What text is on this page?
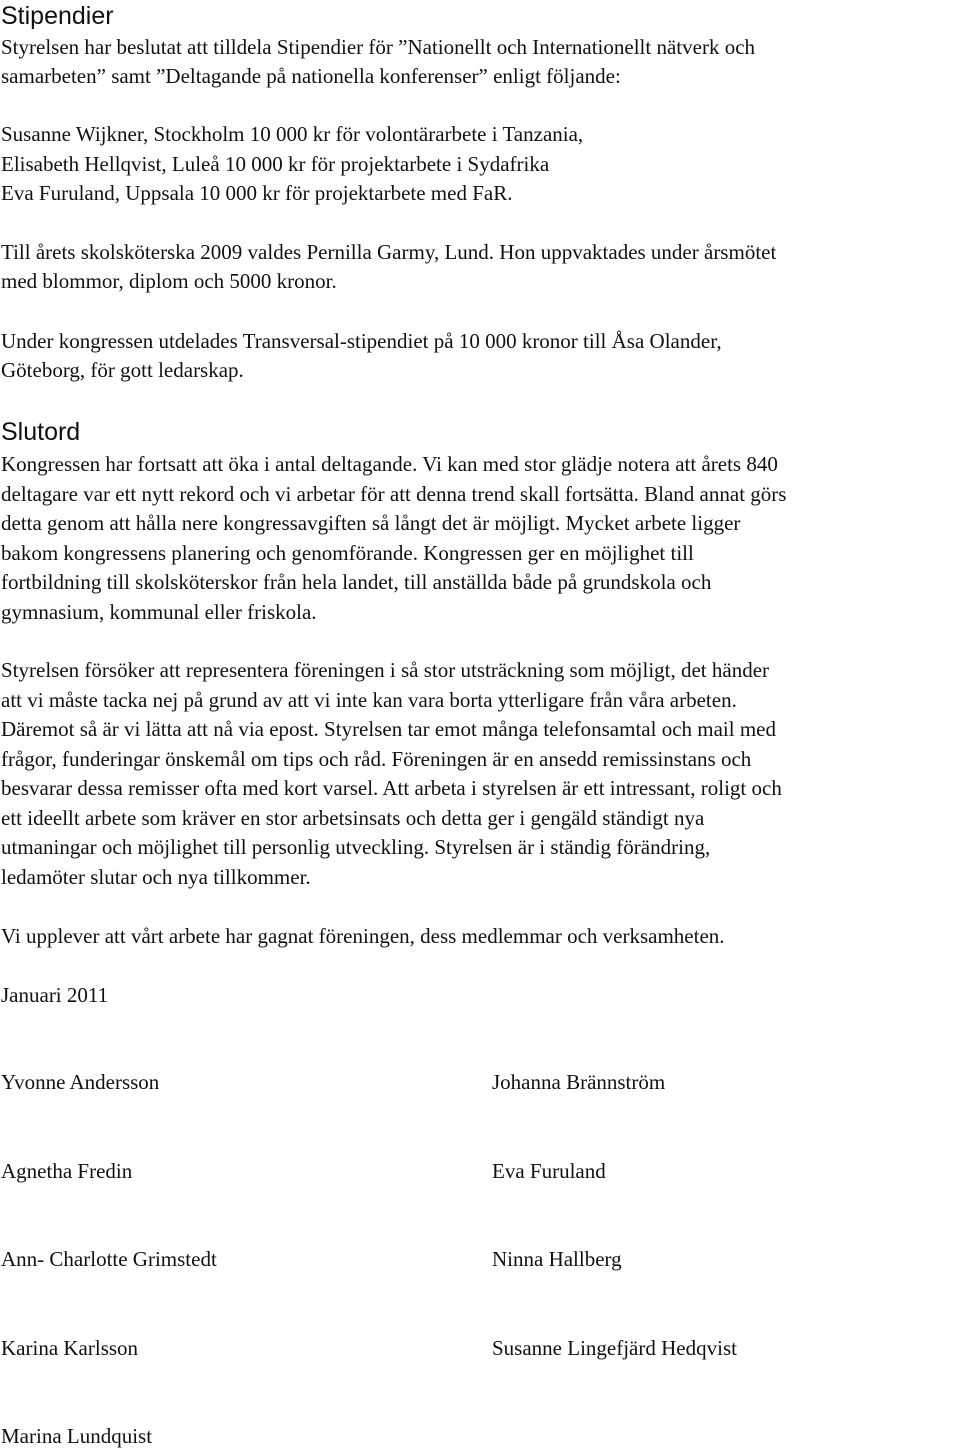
Stipendier
Styrelsen har beslutat att tilldela Stipendier för ”Nationellt och Internationellt nätverk och
samarbeten” samt ”Deltagande på nationella konferenser” enligt följande:
Susanne Wijkner, Stockholm 10 000 kr för volontärarbete i Tanzania,
Elisabeth Hellqvist, Luleå 10 000 kr för projektarbete i Sydafrika
Eva Furuland, Uppsala 10 000 kr för projektarbete med FaR.
Till årets skolsköterska 2009 valdes Pernilla Garmy, Lund. Hon uppvaktades under årsmötet
med blommor, diplom och 5000 kronor.
Under kongressen utdelades Transversal-stipendiet på 10 000 kronor till Åsa Olander,
Göteborg, för gott ledarskap.
Slutord
Kongressen har fortsatt att öka i antal deltagande. Vi kan med stor glädje notera att årets 840
deltagare var ett nytt rekord och vi arbetar för att denna trend skall fortsätta. Bland annat görs
detta genom att hålla nere kongressavgiften så långt det är möjligt. Mycket arbete ligger
bakom kongressens planering och genomförande. Kongressen ger en möjlighet till
fortbildning till skolsköterskor från hela landet, till anställda både på grundskola och
gymnasium, kommunal eller friskola.
Styrelsen försöker att representera föreningen i så stor utsträckning som möjligt, det händer
att vi måste tacka nej på grund av att vi inte kan vara borta ytterligare från våra arbeten.
Däremot så är vi lätta att nå via epost. Styrelsen tar emot många telefonsamtal och mail med
frågor, funderingar önskemål om tips och råd. Föreningen är en ansedd remissinstans och
besvarar dessa remisser ofta med kort varsel. Att arbeta i styrelsen är ett intressant, roligt och
ett ideellt arbete som kräver en stor arbetsinsats och detta ger i gengäld ständigt nya
utmaningar och möjlighet till personlig utveckling. Styrelsen är i ständig förändring,
ledamöter slutar och nya tillkommer.
Vi upplever att vårt arbete har gagnat föreningen, dess medlemmar och verksamheten.
Januari 2011
Yvonne Andersson	Johanna Brännström
Agnetha Fredin	Eva Furuland
Ann- Charlotte Grimstedt	Ninna Hallberg
Karina Karlsson	Susanne Lingefjärd Hedqvist
Marina Lundquist
